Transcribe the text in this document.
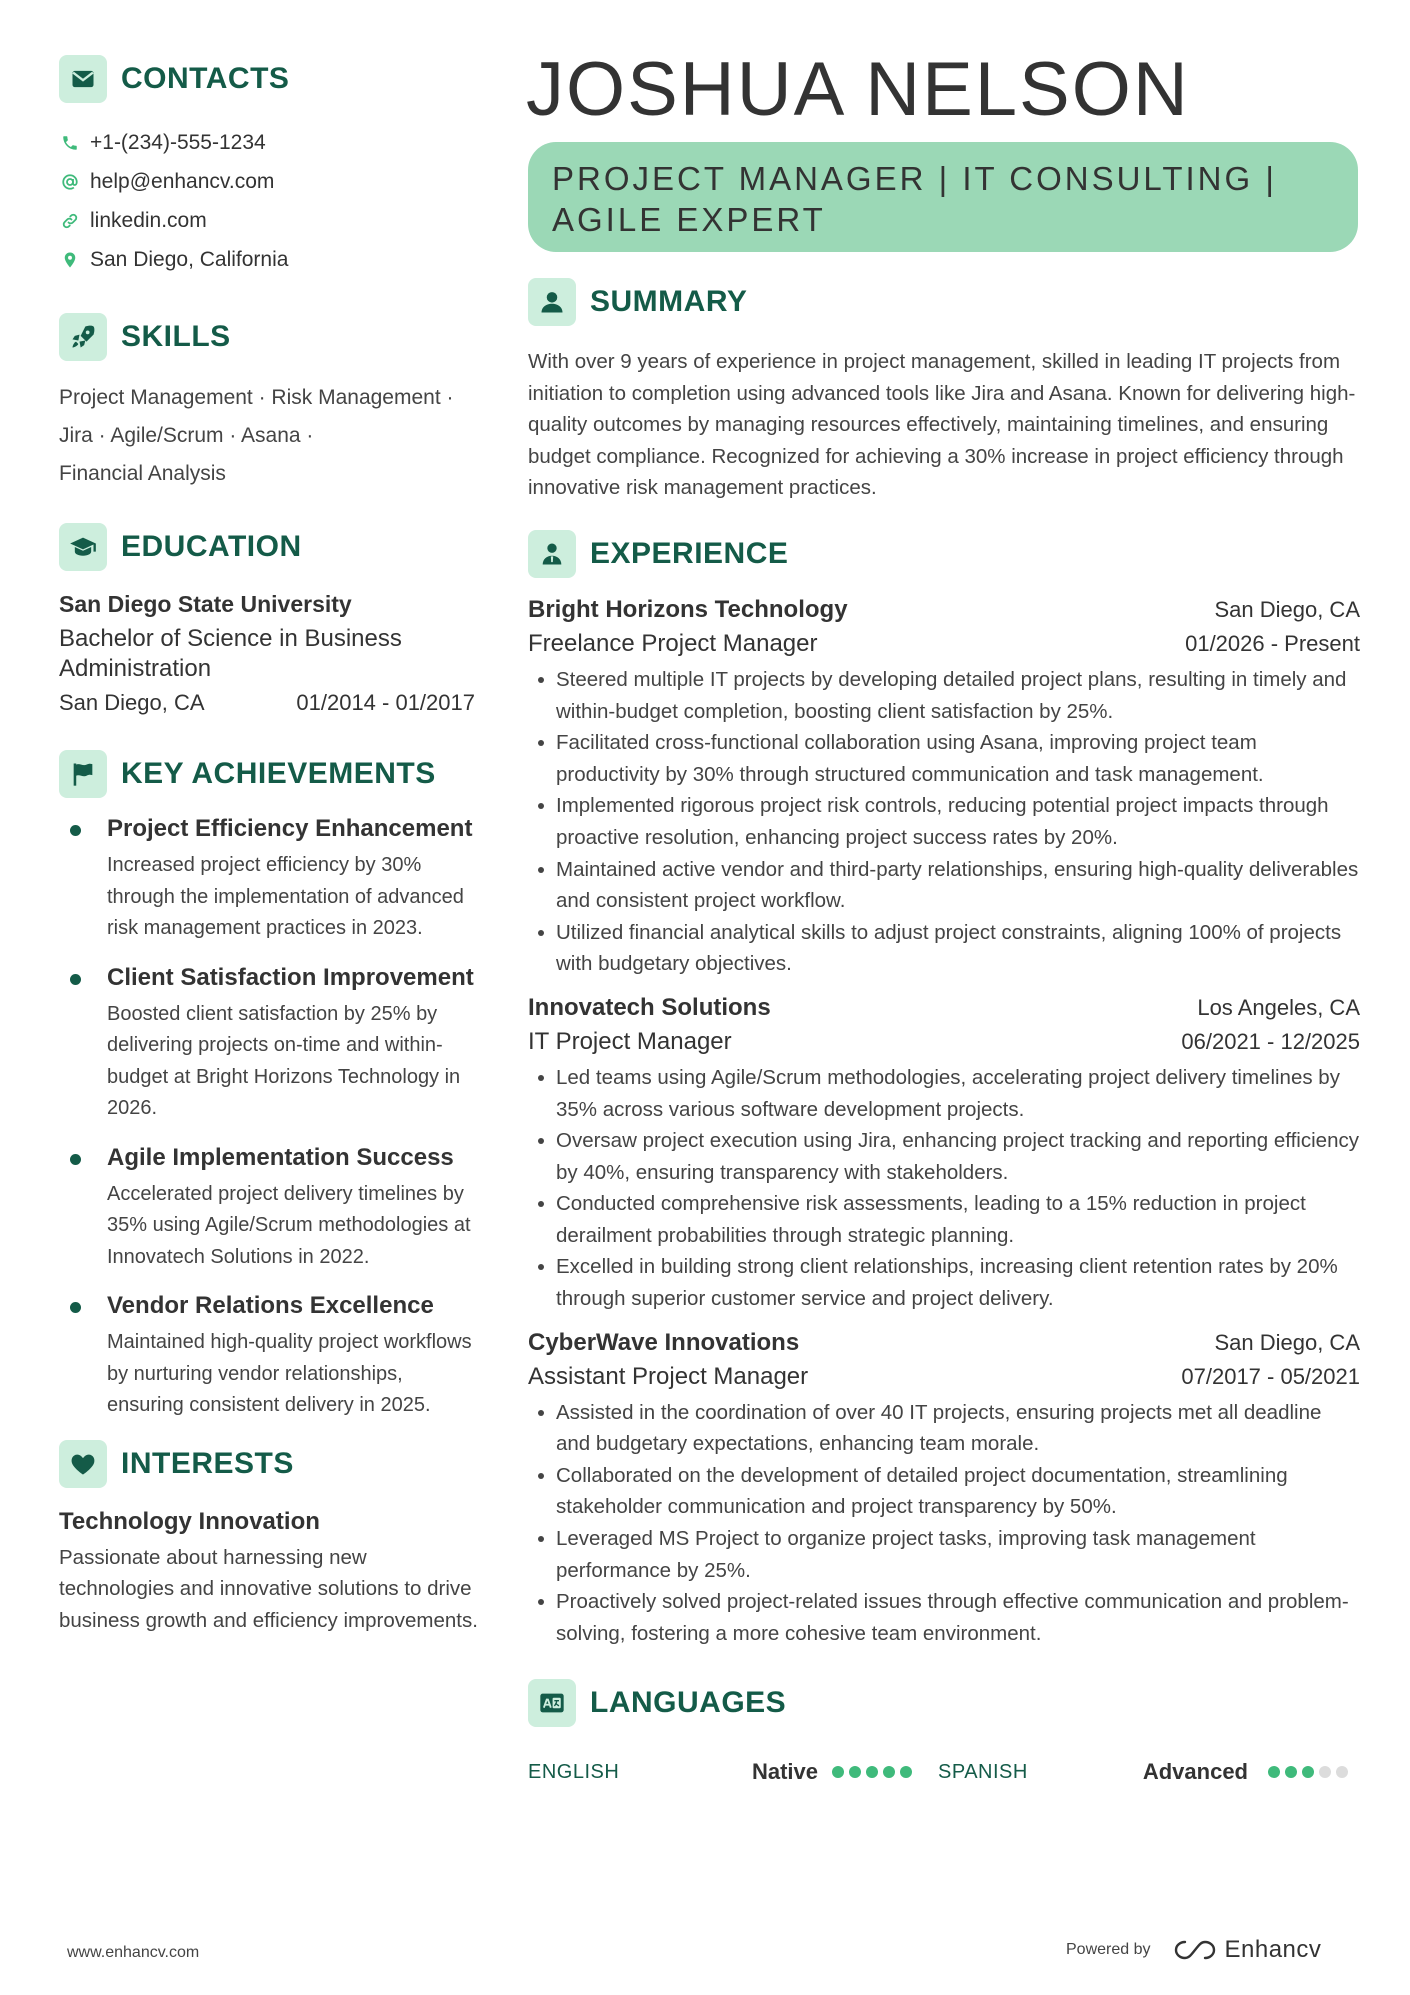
CONTACTS
+1-(234)-555-1234
help@enhancv.com
linkedin.com
San Diego, California
SKILLS
Project Management · Risk Management ·
Jira · Agile/Scrum · Asana ·
Financial Analysis
EDUCATION
San Diego State University
Bachelor of Science in Business Administration
San Diego, CA	01/2014 - 01/2017
KEY ACHIEVEMENTS
Project Efficiency Enhancement
Increased project efficiency by 30% through the implementation of advanced risk management practices in 2023.
Client Satisfaction Improvement
Boosted client satisfaction by 25% by delivering projects on-time and within-budget at Bright Horizons Technology in 2026.
Agile Implementation Success
Accelerated project delivery timelines by 35% using Agile/Scrum methodologies at Innovatech Solutions in 2022.
Vendor Relations Excellence
Maintained high-quality project workflows by nurturing vendor relationships, ensuring consistent delivery in 2025.
INTERESTS
Technology Innovation
Passionate about harnessing new technologies and innovative solutions to drive business growth and efficiency improvements.
JOSHUA NELSON
PROJECT MANAGER | IT CONSULTING | AGILE EXPERT
SUMMARY
With over 9 years of experience in project management, skilled in leading IT projects from initiation to completion using advanced tools like Jira and Asana. Known for delivering high-quality outcomes by managing resources effectively, maintaining timelines, and ensuring budget compliance. Recognized for achieving a 30% increase in project efficiency through innovative risk management practices.
EXPERIENCE
Bright Horizons Technology	San Diego, CA
Freelance Project Manager	01/2026 - Present
Steered multiple IT projects by developing detailed project plans, resulting in timely and within-budget completion, boosting client satisfaction by 25%.
Facilitated cross-functional collaboration using Asana, improving project team productivity by 30% through structured communication and task management.
Implemented rigorous project risk controls, reducing potential project impacts through proactive resolution, enhancing project success rates by 20%.
Maintained active vendor and third-party relationships, ensuring high-quality deliverables and consistent project workflow.
Utilized financial analytical skills to adjust project constraints, aligning 100% of projects with budgetary objectives.
Innovatech Solutions	Los Angeles, CA
IT Project Manager	06/2021 - 12/2025
Led teams using Agile/Scrum methodologies, accelerating project delivery timelines by 35% across various software development projects.
Oversaw project execution using Jira, enhancing project tracking and reporting efficiency by 40%, ensuring transparency with stakeholders.
Conducted comprehensive risk assessments, leading to a 15% reduction in project derailment probabilities through strategic planning.
Excelled in building strong client relationships, increasing client retention rates by 20% through superior customer service and project delivery.
CyberWave Innovations	San Diego, CA
Assistant Project Manager	07/2017 - 05/2021
Assisted in the coordination of over 40 IT projects, ensuring projects met all deadline and budgetary expectations, enhancing team morale.
Collaborated on the development of detailed project documentation, streamlining stakeholder communication and project transparency by 50%.
Leveraged MS Project to organize project tasks, improving task management performance by 25%.
Proactively solved project-related issues through effective communication and problem-solving, fostering a more cohesive team environment.
LANGUAGES
ENGLISH	Native	SPANISH	Advanced
www.enhancv.com	Powered by	Enhancv
